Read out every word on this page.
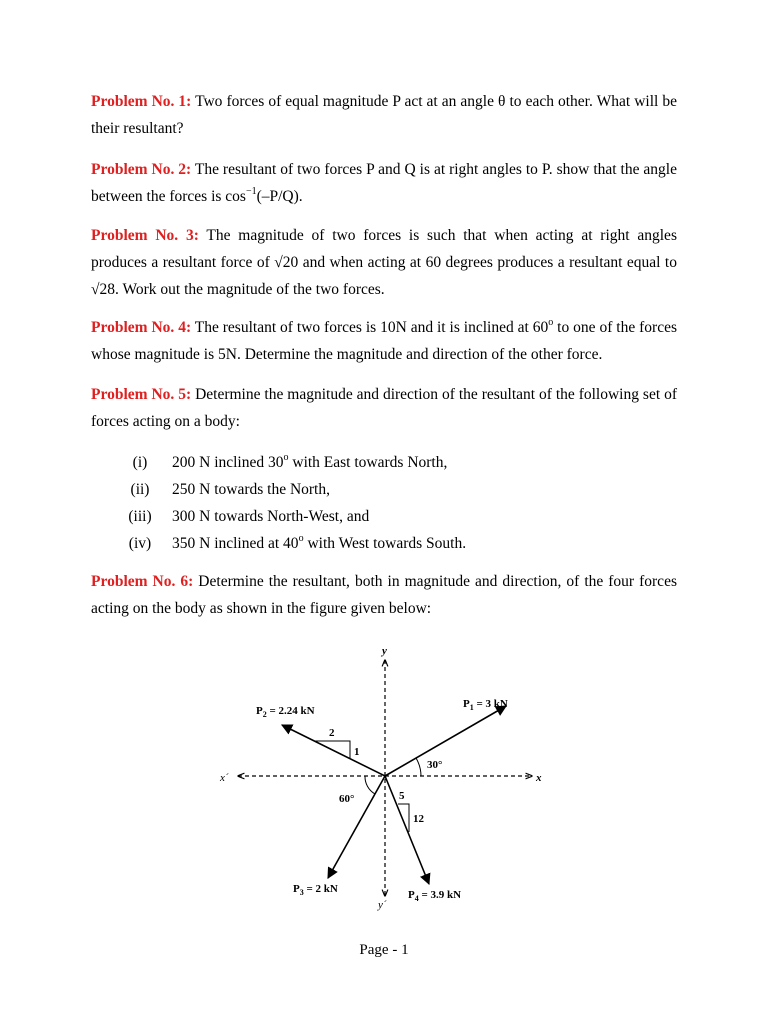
Problem No. 1: Two forces of equal magnitude P act at an angle θ to each other. What will be their resultant?

Problem No. 2: The resultant of two forces P and Q is at right angles to P. show that the angle between the forces is $\cos^{-1}(-P/Q)$.

Problem No. 3: The magnitude of two forces is such that when acting at right angles produces a resultant force of √20 and when acting at 60 degrees produces a resultant equal to √28. Work out the magnitude of the two forces.

Problem No. 4: The resultant of two forces is 10N and it is inclined at 60$^o$ to one of the forces whose magnitude is 5N. Determine the magnitude and direction of the other force.

Problem No. 5: Determine the magnitude and direction of the resultant of the following set of forces acting on a body:

(i)	200 N inclined 30$^o$ with East towards North,
(ii)	250 N towards the North,
(iii)	300 N towards North-West, and
(iv)	350 N inclined at 40$^o$ with West towards South.

Problem No. 6: Determine the resultant, both in magnitude and direction, of the four forces acting on the body as shown in the figure given below:

y
y´
x
x´
2
1
5
12
30°
60°
$P_1 = 3$ kN
$P_2 = 2.24$ kN
$P_3 = 2$ kN	$P_4 = 3.9$ kN
Page - 1
